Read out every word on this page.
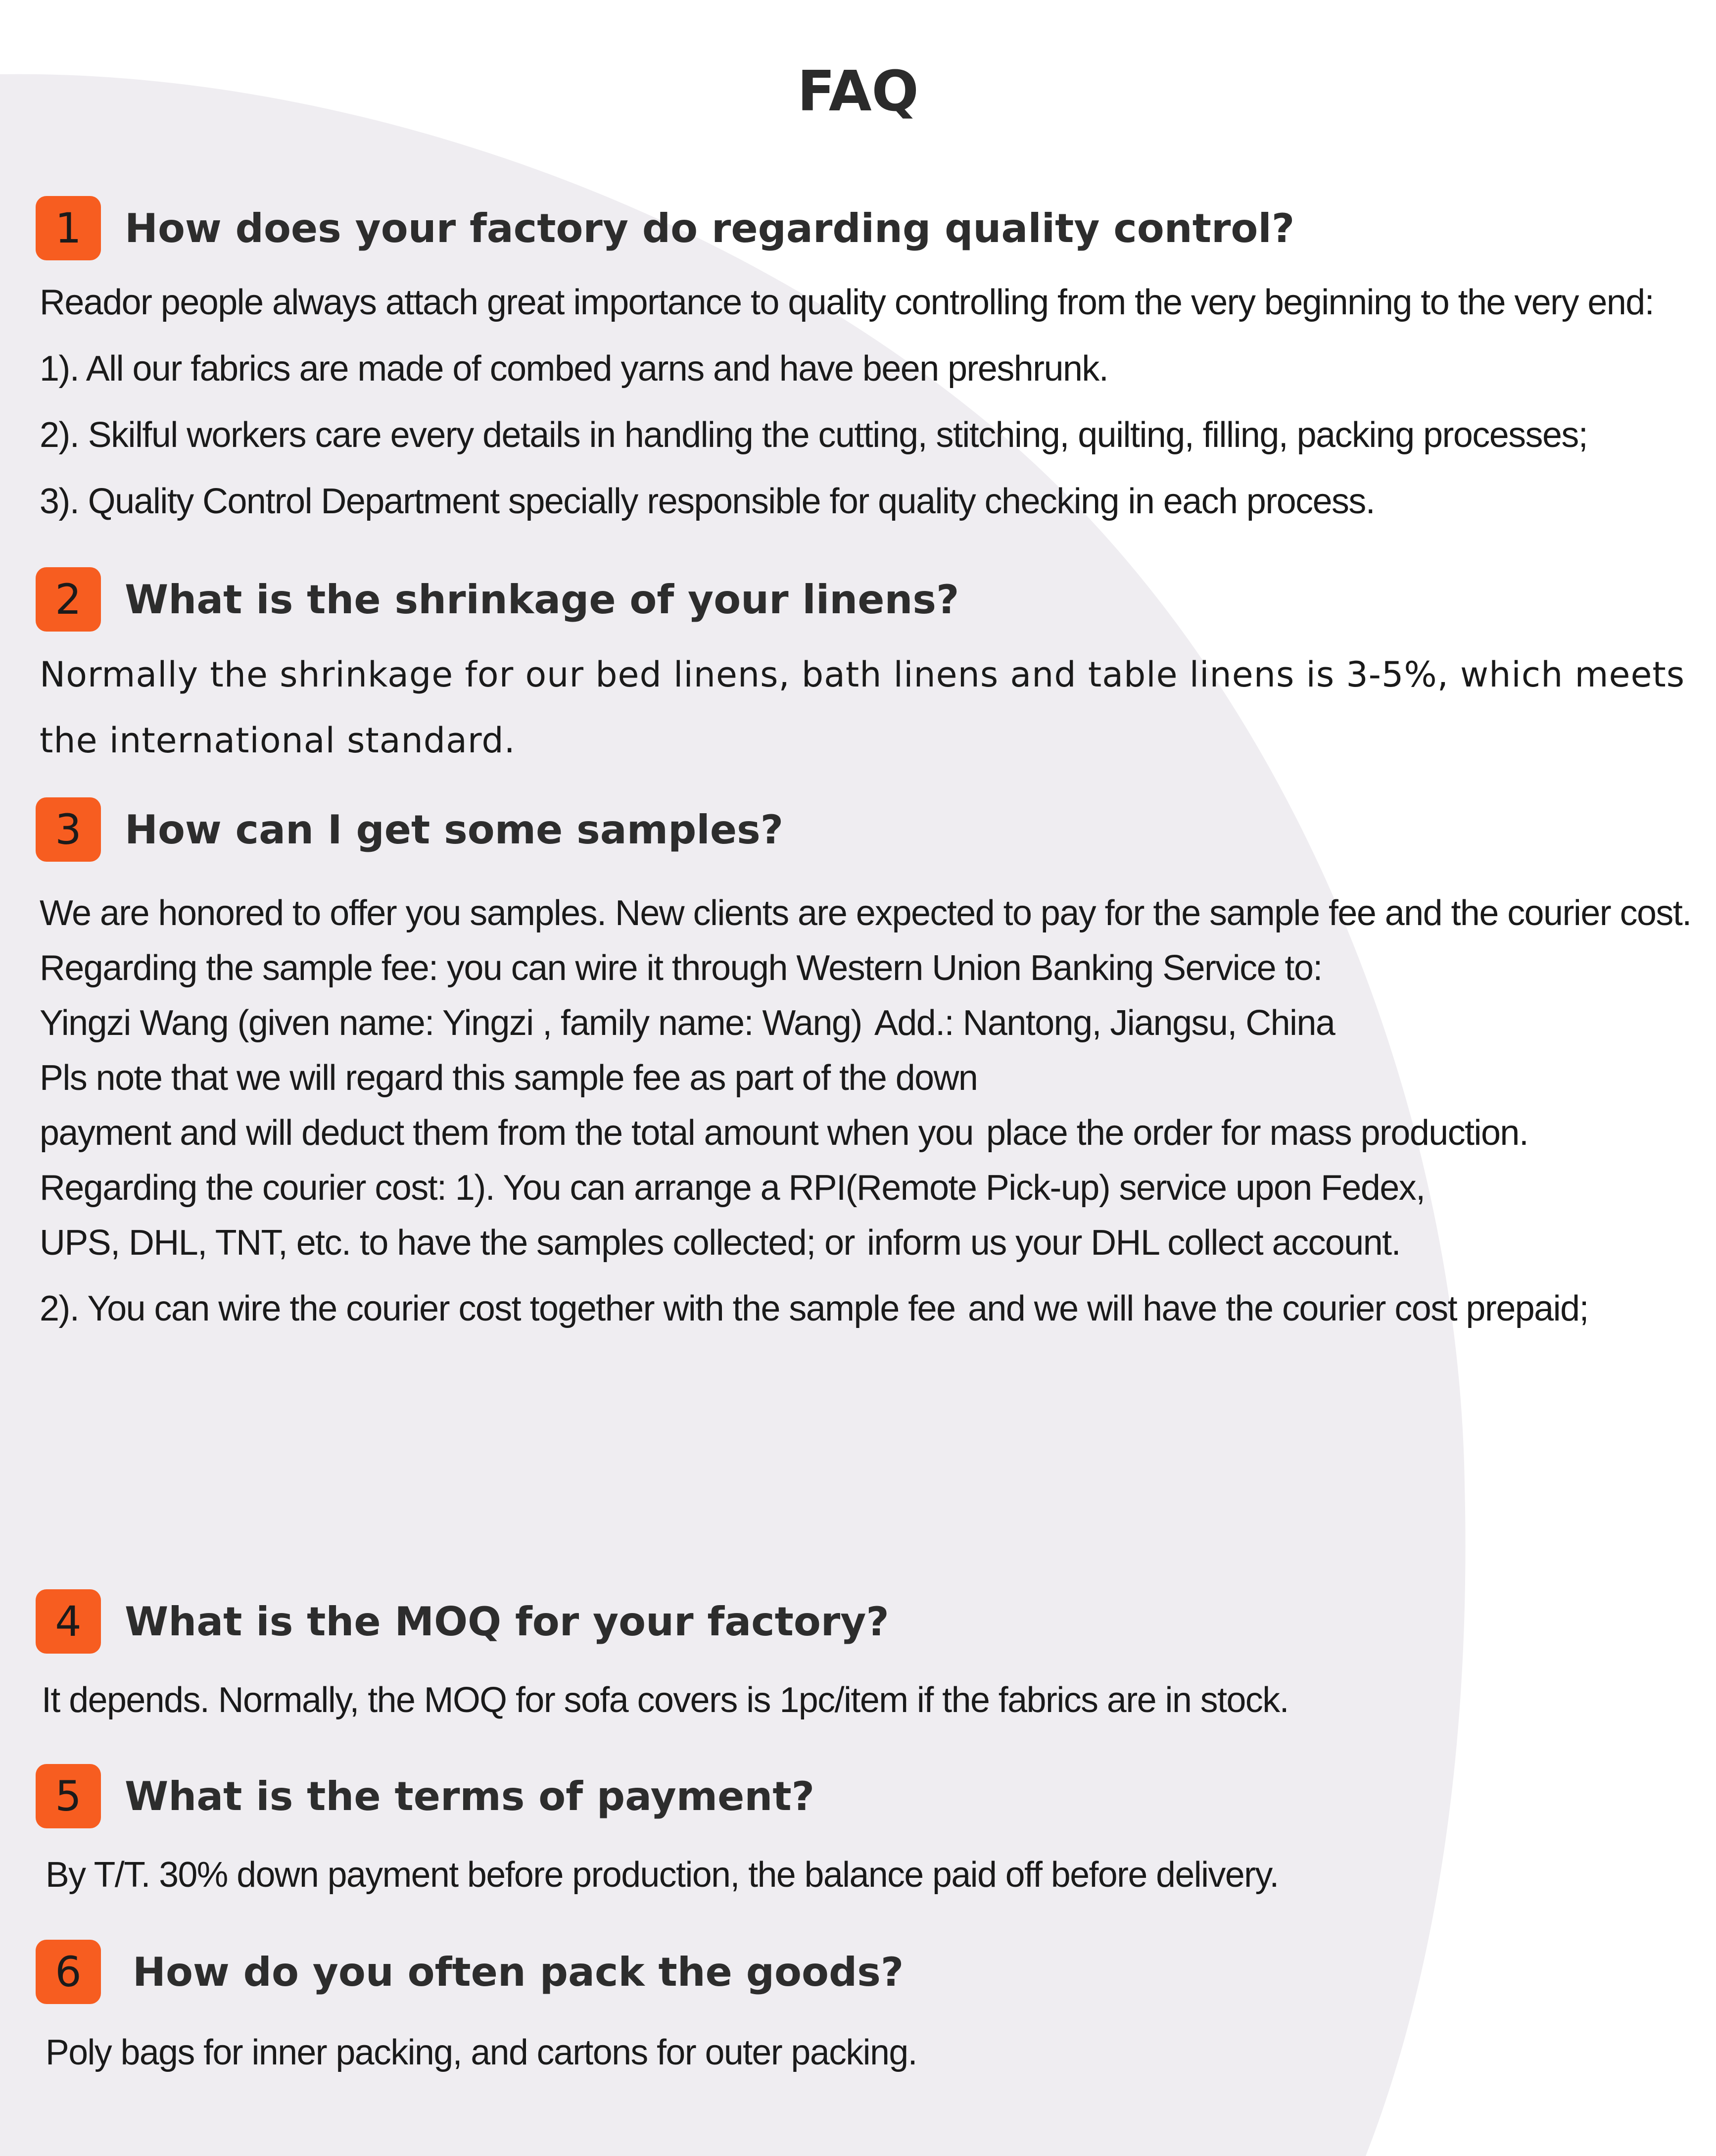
FAQ
1	How does your factory do regarding quality control?
Reador people always attach great importance to quality controlling from the very beginning to the very end: 1). All our fabrics are made of combed yarns and have been preshrunk. 2). Skilful workers care every details in handling the cutting, stitching, quilting, filling, packing processes; 3). Quality Control Department specially responsible for quality checking in each process.
2	What is the shrinkage of your linens?
Normally the shrinkage for our bed linens, bath linens and table linens is 3-5%, which meets the international standard.
3	How can I get some samples?
We are honored to offer you samples. New clients are expected to pay for the sample fee and the courier cost. Regarding the sample fee: you can wire it through Western Union Banking Service to: Yingzi Wang (given name: Yingzi , family name: Wang) Add.: Nantong, Jiangsu, China Pls note that we will regard this sample fee as part of the down payment and will deduct them from the total amount when you place the order for mass production. Regarding the courier cost: 1). You can arrange a RPI(Remote Pick-up) service upon Fedex, UPS, DHL, TNT, etc. to have the samples collected; or inform us your DHL collect account.
2). You can wire the courier cost together with the sample fee and we will have the courier cost prepaid;
4	What is the MOQ for your factory?
It depends. Normally, the MOQ for sofa covers is 1pc/item if the fabrics are in stock.
5	What is the terms of payment?
By T/T. 30% down payment before production, the balance paid off before delivery.
6	How do you often pack the goods?
Poly bags for inner packing, and cartons for outer packing.
